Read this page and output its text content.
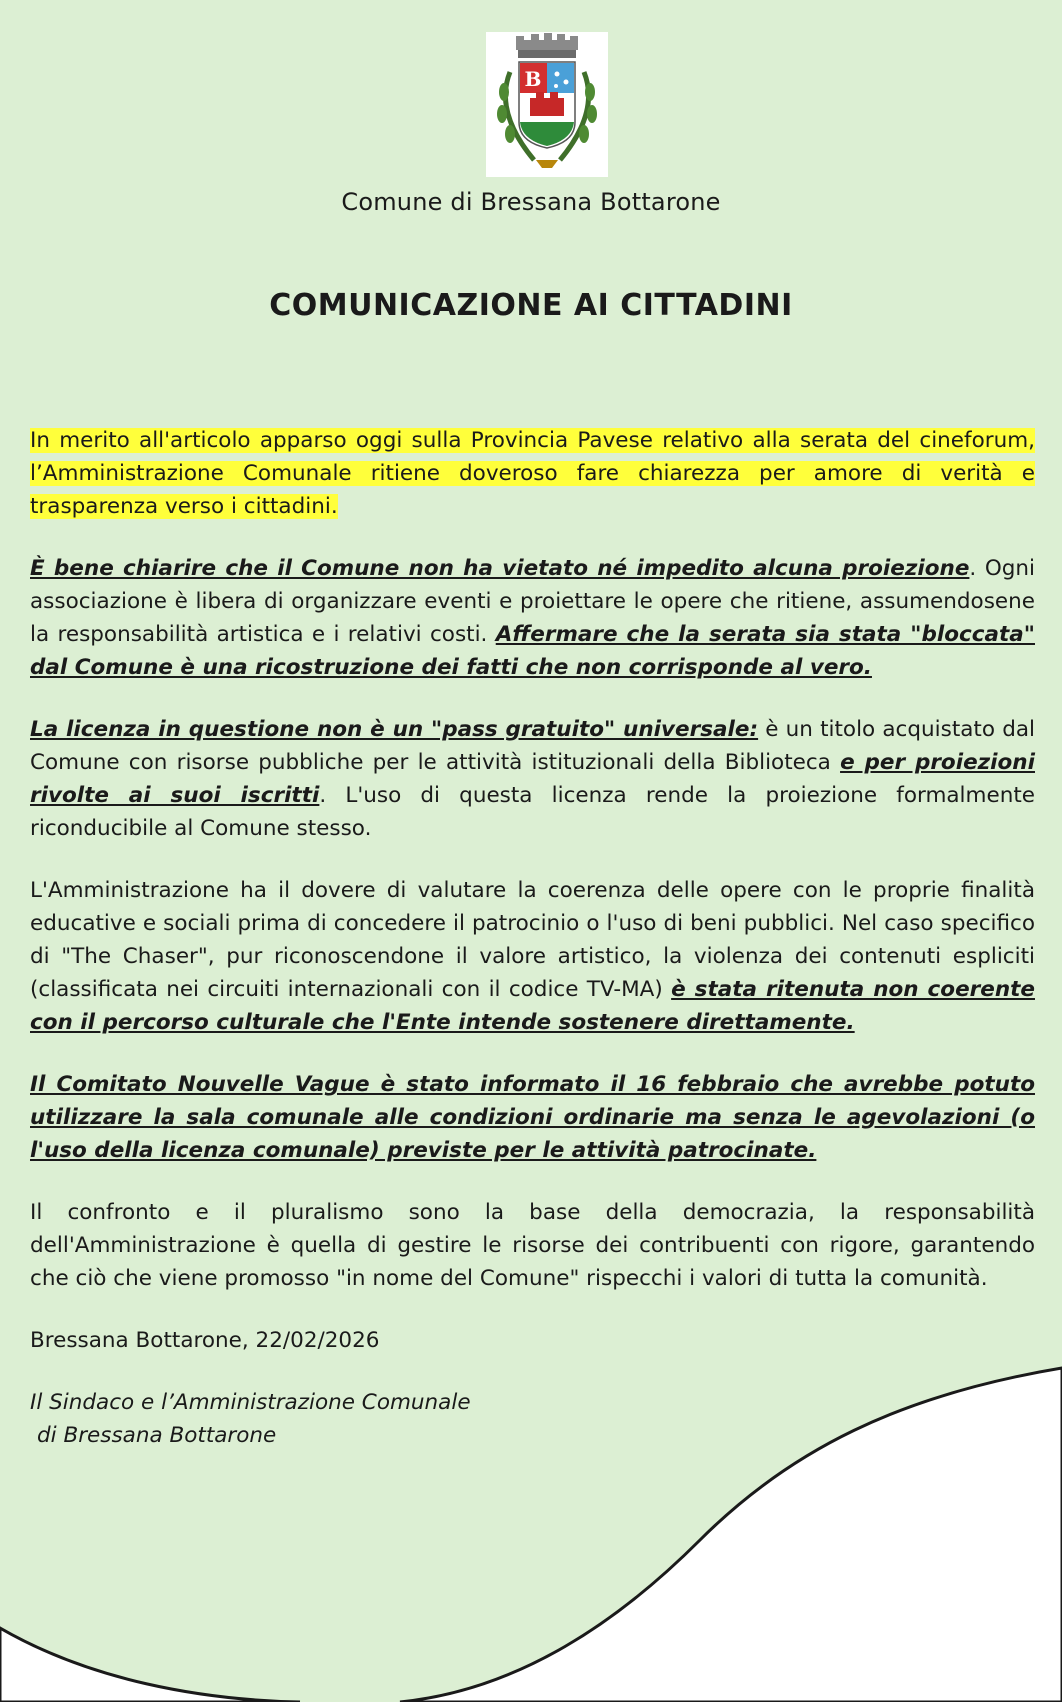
B
Comune di Bressana Bottarone
COMUNICAZIONE AI CITTADINI

In merito all'articolo apparso oggi sulla Provincia Pavese relativo alla serata del cineforum, l’Amministrazione Comunale ritiene doveroso fare chiarezza per amore di verità e trasparenza verso i cittadini.

È bene chiarire che il Comune non ha vietato né impedito alcuna proiezione. Ogni associazione è libera di organizzare eventi e proiettare le opere che ritiene, assumendosene la responsabilità artistica e i relativi costi. Affermare che la serata sia stata "bloccata" dal Comune è una ricostruzione dei fatti che non corrisponde al vero.

La licenza in questione non è un "pass gratuito" universale: è un titolo acquistato dal Comune con risorse pubbliche per le attività istituzionali della Biblioteca e per proiezioni rivolte ai suoi iscritti. L'uso di questa licenza rende la proiezione formalmente riconducibile al Comune stesso.

L'Amministrazione ha il dovere di valutare la coerenza delle opere con le proprie finalità educative e sociali prima di concedere il patrocinio o l'uso di beni pubblici. Nel caso specifico di "The Chaser", pur riconoscendone il valore artistico, la violenza dei contenuti espliciti (classificata nei circuiti internazionali con il codice TV-MA) è stata ritenuta non coerente con il percorso culturale che l'Ente intende sostenere direttamente.

Il Comitato Nouvelle Vague è stato informato il 16 febbraio che avrebbe potuto utilizzare la sala comunale alle condizioni ordinarie ma senza le agevolazioni (o l'uso della licenza comunale) previste per le attività patrocinate.

Il confronto e il pluralismo sono la base della democrazia, la responsabilità dell'Amministrazione è quella di gestire le risorse dei contribuenti con rigore, garantendo che ciò che viene promosso "in nome del Comune" rispecchi i valori di tutta la comunità.

Bressana Bottarone, 22/02/2026

Il Sindaco e l’Amministrazione Comunale
di Bressana Bottarone
